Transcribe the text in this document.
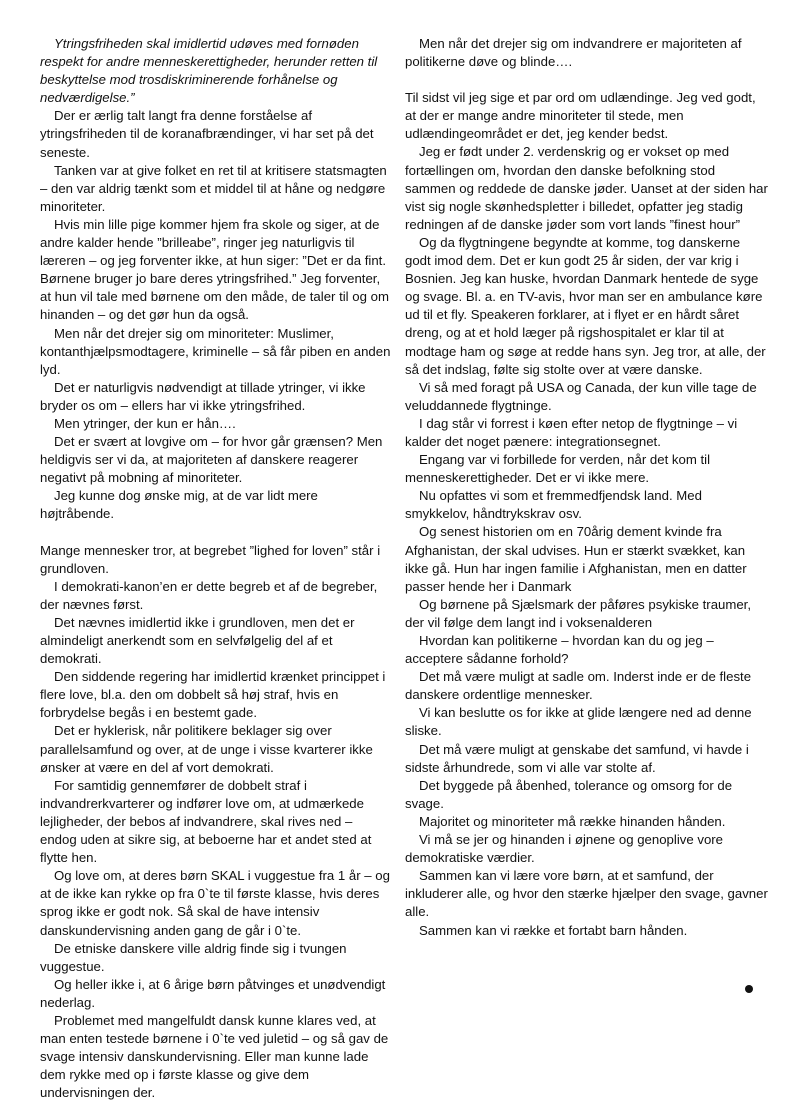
Ytringsfriheden skal imidlertid udøves med fornøden respekt for andre menneskerettigheder, herunder retten til beskyttelse mod trosdiskriminerende forhånelse og nedværdigelse.”

Der er ærlig talt langt fra denne forståelse af ytringsfriheden til de koranafbrændinger, vi har set på det seneste.

Tanken var at give folket en ret til at kritisere statsmagten – den var aldrig tænkt som et middel til at håne og nedgøre minoriteter.

Hvis min lille pige kommer hjem fra skole og siger, at de andre kalder hende ”brilleabe”, ringer jeg naturligvis til læreren – og jeg forventer ikke, at hun siger: ”Det er da fint. Børnene bruger jo bare deres ytringsfrihed.” Jeg forventer, at hun vil tale med børnene om den måde, de taler til og om hinanden – og det gør hun da også.

Men når det drejer sig om minoriteter: Muslimer, kontanthjælpsmodtagere, kriminelle – så får piben en anden lyd.

Det er naturligvis nødvendigt at tillade ytringer, vi ikke bryder os om – ellers har vi ikke ytringsfrihed.

Men ytringer, der kun er hån….

Det er svært at lovgive om – for hvor går grænsen? Men heldigvis ser vi da, at majoriteten af danskere reagerer negativt på mobning af minoriteter.

Jeg kunne dog ønske mig, at de var lidt mere højtråbende.

Mange mennesker tror, at begrebet ”lighed for loven” står i grundloven.

I demokrati-kanon’en er dette begreb et af de begreber, der nævnes først.

Det nævnes imidlertid ikke i grundloven, men det er almindeligt anerkendt som en selvfølgelig del af et demokrati.

Den siddende regering har imidlertid krænket princippet i flere love, bl.a. den om dobbelt så høj straf, hvis en forbrydelse begås i en bestemt gade.

Det er hyklerisk, når politikere beklager sig over parallelsamfund og over, at de unge i visse kvarterer ikke ønsker at være en del af vort demokrati.

For samtidig gennemfører de dobbelt straf i indvandrerkvarterer og indfører love om, at udmærkede lejligheder, der bebos af indvandrere, skal rives ned – endog uden at sikre sig, at beboerne har et andet sted at flytte hen.

Og love om, at deres børn SKAL i vuggestue fra 1 år – og at de ikke kan rykke op fra 0`te til første klasse, hvis deres sprog ikke er godt nok. Så skal de have intensiv danskundervisning anden gang de går i 0`te.

De etniske danskere ville aldrig finde sig i tvungen vuggestue.

Og heller ikke i, at 6 årige børn påtvinges et unødvendigt nederlag.

Problemet med mangelfuldt dansk kunne klares ved, at man enten testede børnene i 0`te ved juletid – og så gav de svage intensiv danskundervisning. Eller man kunne lade dem rykke med op i første klasse og give dem undervisningen der.

Men når det drejer sig om indvandrere er majoriteten af politikerne døve og blinde….

Til sidst vil jeg sige et par ord om udlændinge. Jeg ved godt, at der er mange andre minoriteter til stede, men udlændingeområdet er det, jeg kender bedst.

Jeg er født under 2. verdenskrig og er vokset op med fortællingen om, hvordan den danske befolkning stod sammen og reddede de danske jøder. Uanset at der siden har vist sig nogle skønhedspletter i billedet, opfatter jeg stadig redningen af de danske jøder som vort lands ”finest hour”

Og da flygtningene begyndte at komme, tog danskerne godt imod dem. Det er kun godt 25 år siden, der var krig i Bosnien. Jeg kan huske, hvordan Danmark hentede de syge og svage. Bl. a. en TV-avis, hvor man ser en ambulance køre ud til et fly. Speakeren forklarer, at i flyet er en hårdt såret dreng, og at et hold læger på rigshospitalet er klar til at modtage ham og søge at redde hans syn. Jeg tror, at alle, der så det indslag, følte sig stolte over at være danske.

Vi så med foragt på USA og Canada, der kun ville tage de veluddannede flygtninge.

I dag står vi forrest i køen efter netop de flygtninge – vi kalder det noget pænere: integrationsegnet.

Engang var vi forbillede for verden, når det kom til menneskerettigheder. Det er vi ikke mere.

Nu opfattes vi som et fremmedfjendsk land. Med smykkelov, håndtrykskrav osv.

Og senest historien om en 70årig dement kvinde fra Afghanistan, der skal udvises. Hun er stærkt svækket, kan ikke gå. Hun har ingen familie i Afghanistan, men en datter passer hende her i Danmark

Og børnene på Sjælsmark der påføres psykiske traumer, der vil følge dem langt ind i voksenalderen

Hvordan kan politikerne – hvordan kan du og jeg – acceptere sådanne forhold?

Det må være muligt at sadle om. Inderst inde er de fleste danskere ordentlige mennesker.

Vi kan beslutte os for ikke at glide længere ned ad denne sliske.

Det må være muligt at genskabe det samfund, vi havde i sidste århundrede, som vi alle var stolte af.

Det byggede på åbenhed, tolerance og omsorg for de svage.

Majoritet og minoriteter må række hinanden hånden.

Vi må se jer og hinanden i øjnene og genoplive vore demokratiske værdier.

Sammen kan vi lære vore børn, at et samfund, der inkluderer alle, og hvor den stærke hjælper den svage, gavner alle.

Sammen kan vi række et fortabt barn hånden.
